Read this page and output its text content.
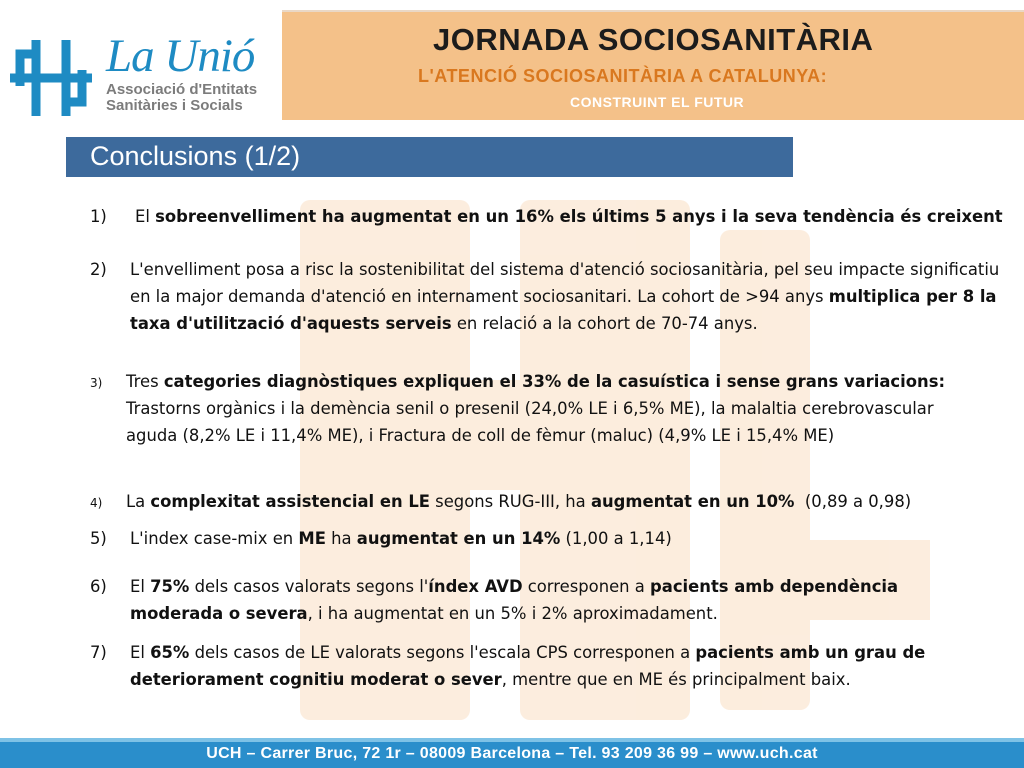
La Unió
Associació d'Entitats
Sanitàries i Socials
JORNADA SOCIOSANITÀRIA
L'ATENCIÓ SOCIOSANITÀRIA A CATALUNYA:
CONSTRUINT EL FUTUR
Conclusions (1/2)
1) El sobreenvelliment ha augmentat en un 16% els últims 5 anys i la seva tendència és creixent
2) L'envelliment posa a risc la sostenibilitat del sistema d'atenció sociosanitària, pel seu impacte significatiu en la major demanda d'atenció en internament sociosanitari. La cohort de >94 anys multiplica per 8 la taxa d'utilització d'aquests serveis en relació a la cohort de 70-74 anys.
3) Tres categories diagnòstiques expliquen el 33% de la casuística i sense grans variacions: Trastorns orgànics i la demència senil o presenil (24,0% LE i 6,5% ME), la malaltia cerebrovascular aguda (8,2% LE i 11,4% ME), i Fractura de coll de fèmur (maluc) (4,9% LE i 15,4% ME)
4) La complexitat assistencial en LE segons RUG-III, ha augmentat en un 10%  (0,89 a 0,98)
5) L'index case-mix en ME ha augmentat en un 14% (1,00 a 1,14)
6) El 75% dels casos valorats segons l'índex AVD corresponen a pacients amb dependència moderada o severa, i ha augmentat en un 5% i 2% aproximadament.
7) El 65% dels casos de LE valorats segons l'escala CPS corresponen a pacients amb un grau de deteriorament cognitiu moderat o sever, mentre que en ME és principalment baix.
UCH – Carrer Bruc, 72 1r – 08009 Barcelona – Tel. 93 209 36 99 – www.uch.cat
